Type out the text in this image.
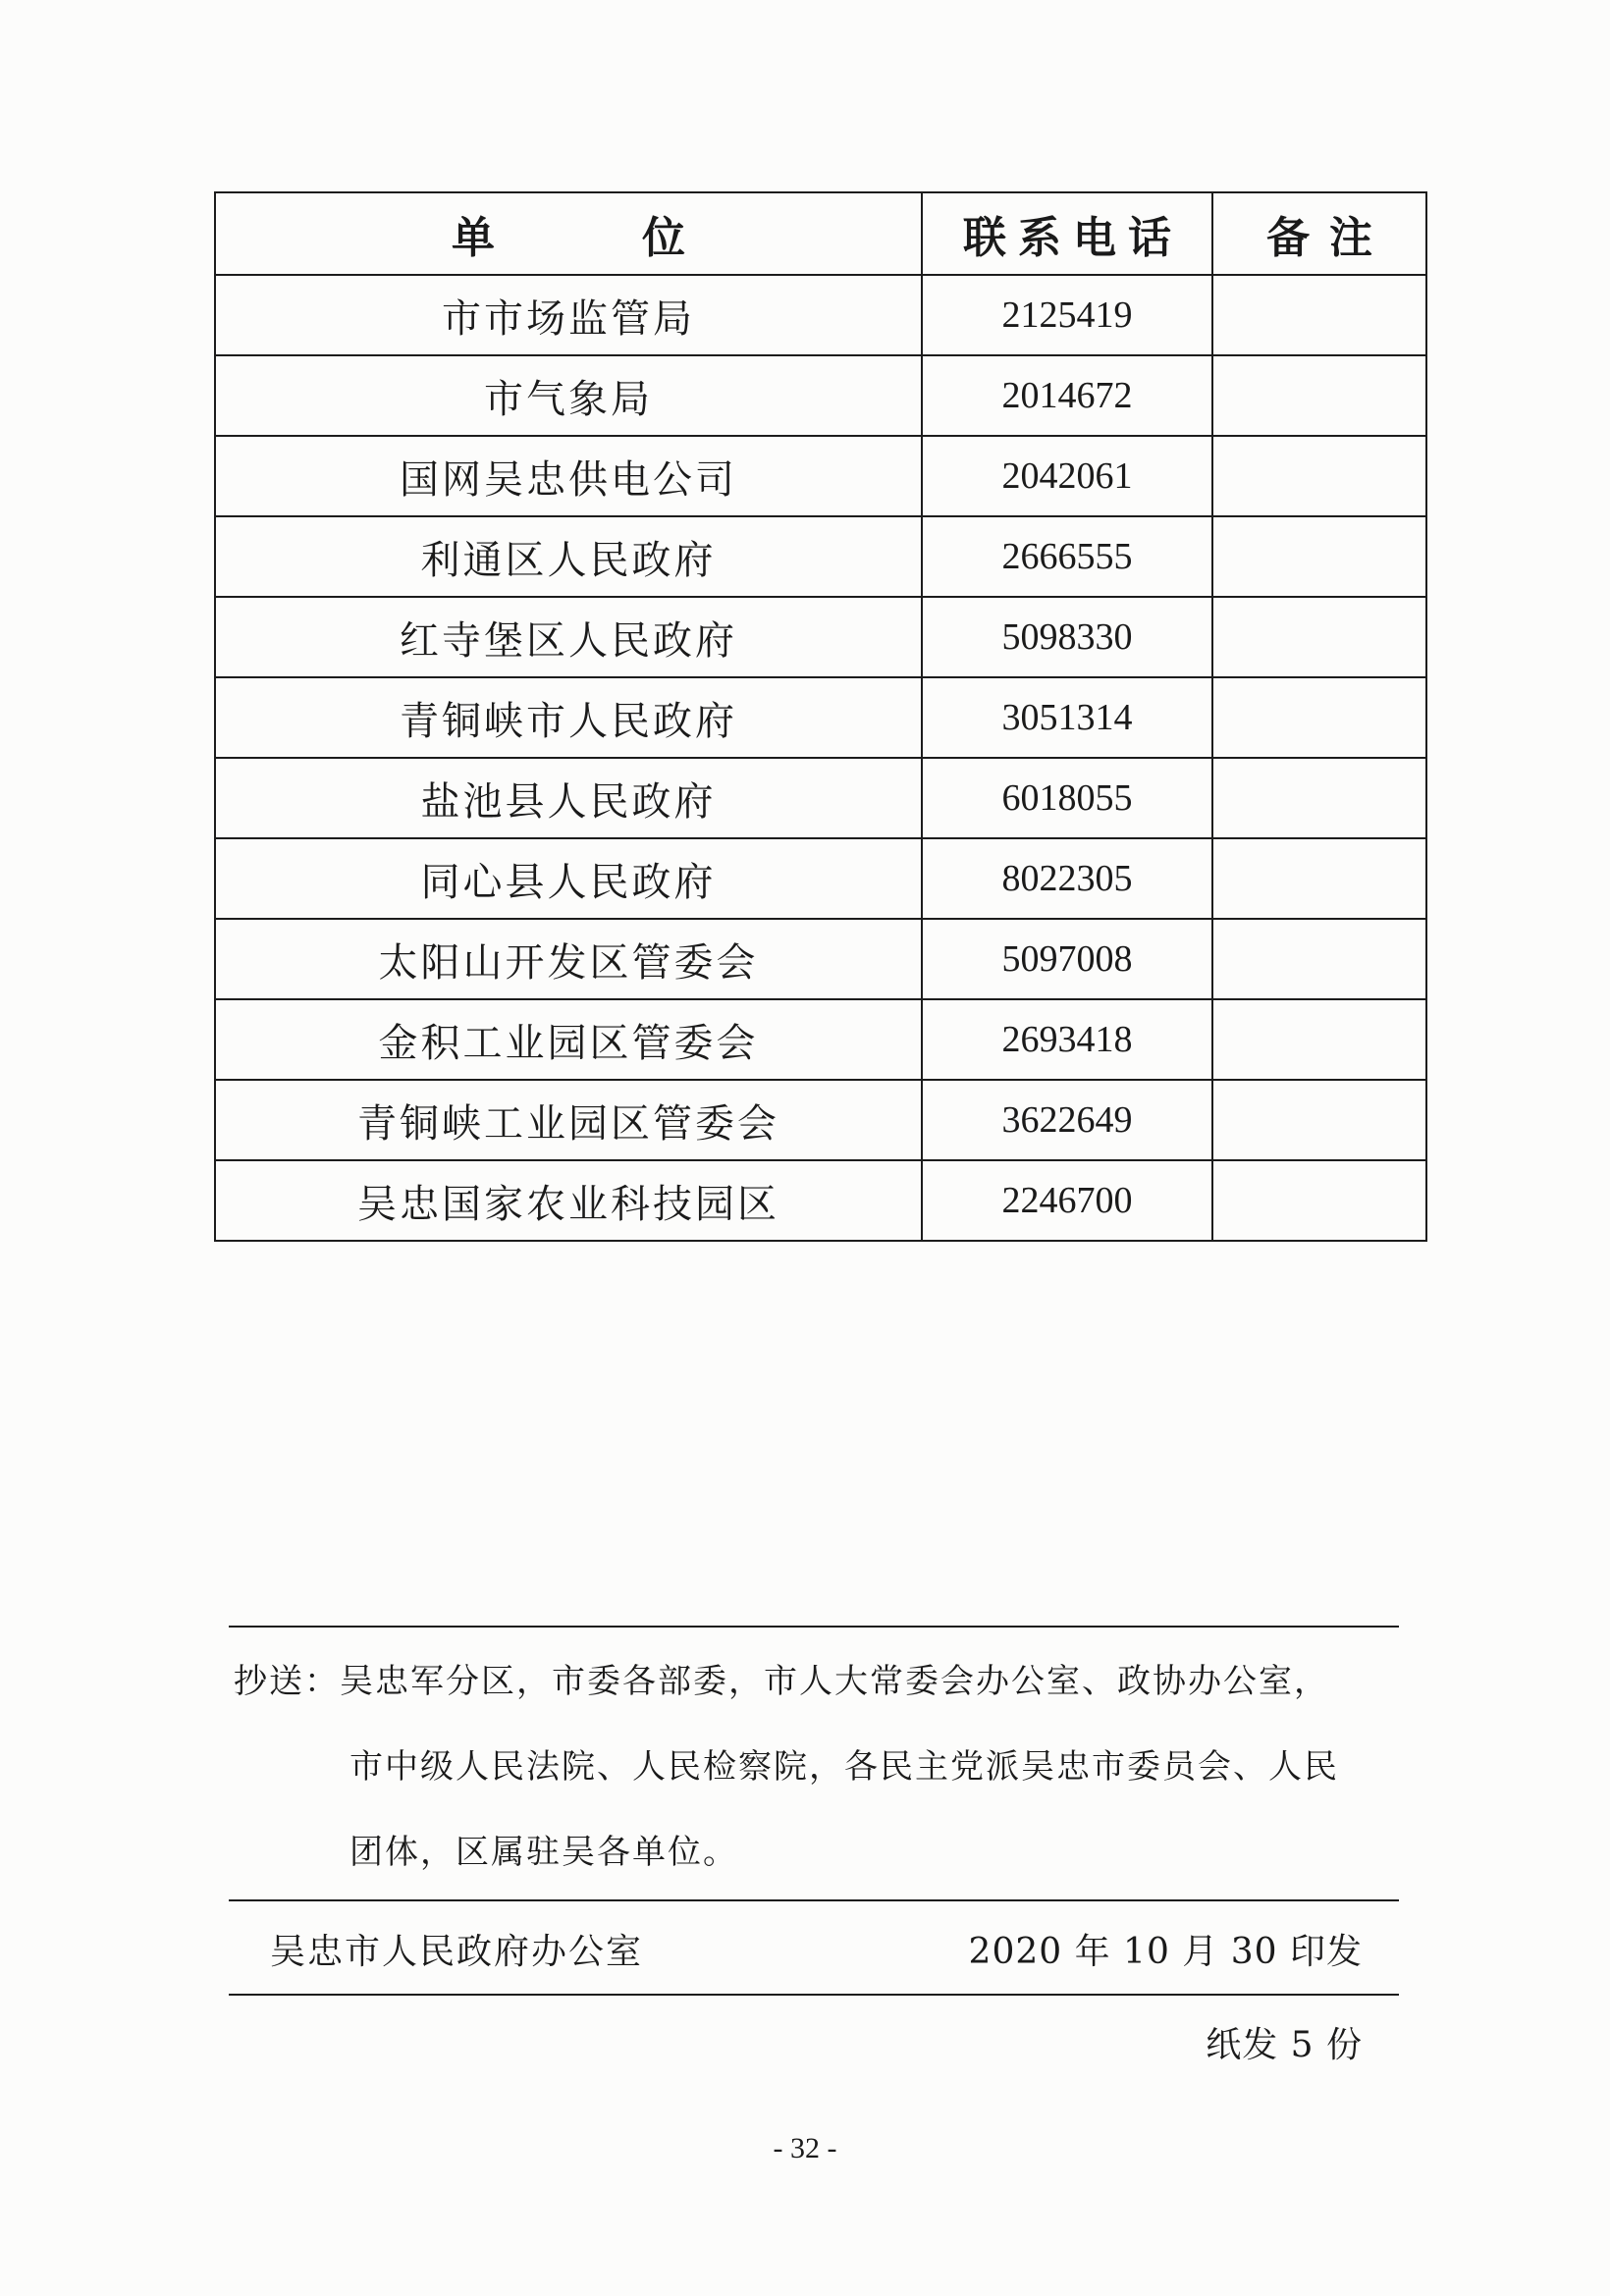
单位	联系电话	备注
市市场监管局	2125419	
市气象局	2014672	
国网吴忠供电公司	2042061	
利通区人民政府	2666555	
红寺堡区人民政府	5098330	
青铜峡市人民政府	3051314	
盐池县人民政府	6018055	
同心县人民政府	8022305	
太阳山开发区管委会	5097008	
金积工业园区管委会	2693418	
青铜峡工业园区管委会	3622649	
吴忠国家农业科技园区	2246700	
抄送：吴忠军分区，市委各部委，市人大常委会办公室、政协办公室，
市中级人民法院、人民检察院，各民主党派吴忠市委员会、人民
团体，区属驻吴各单位。
吴忠市人民政府办公室	2020 年 10 月 30 印发
纸发 5 份
- 32 -
